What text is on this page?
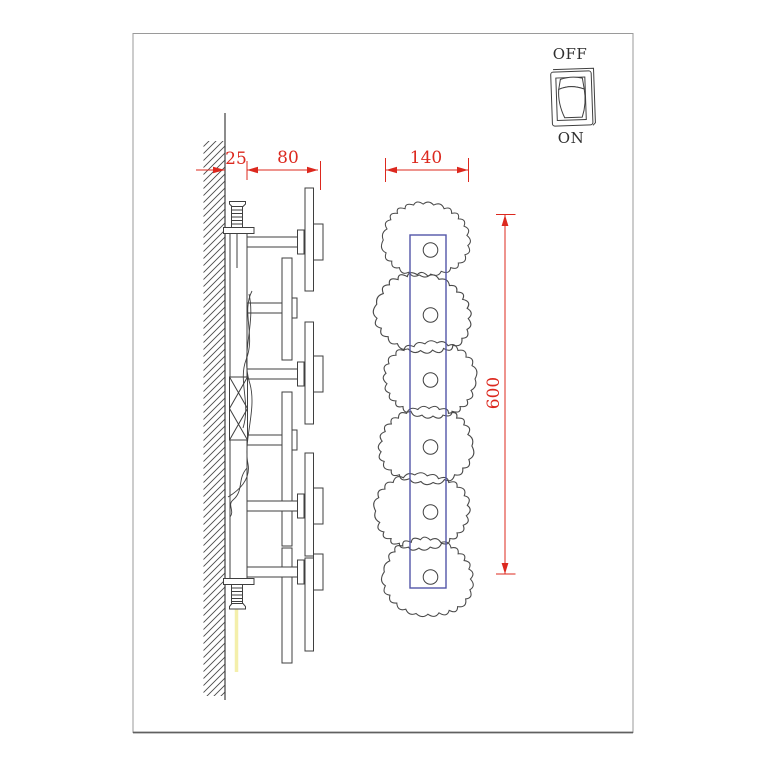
25 80	140
600
OFF
ON
